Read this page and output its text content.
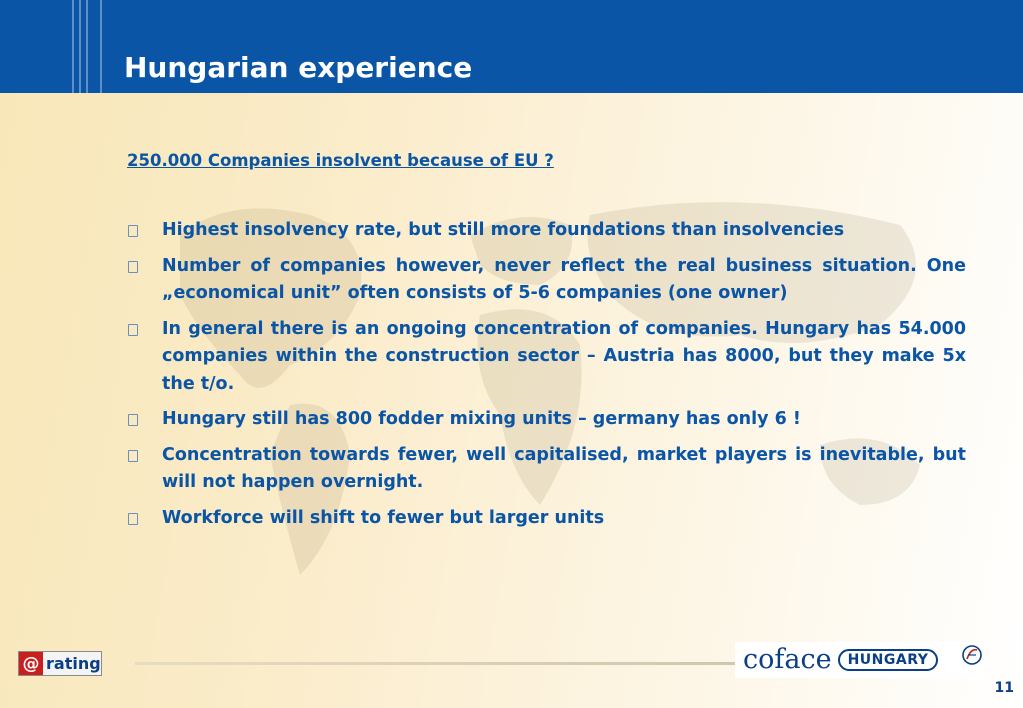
Hungarian experience
250.000 Companies insolvent because of EU ?
Highest insolvency rate, but still more foundations than insolvencies
Number of companies however, never reflect the real business situation. One „economical unit” often consists of 5-6 companies (one owner)
In general there is an ongoing concentration of companies. Hungary has 54.000 companies within the construction sector – Austria has 8000, but they make 5x the t/o.
Hungary still has 800 fodder mixing units – germany has only 6 !
Concentration towards fewer, well capitalised, market players is inevitable, but will not happen overnight.
Workforce will shift to fewer but larger units
@ rating	coface	HUNGARY
11
